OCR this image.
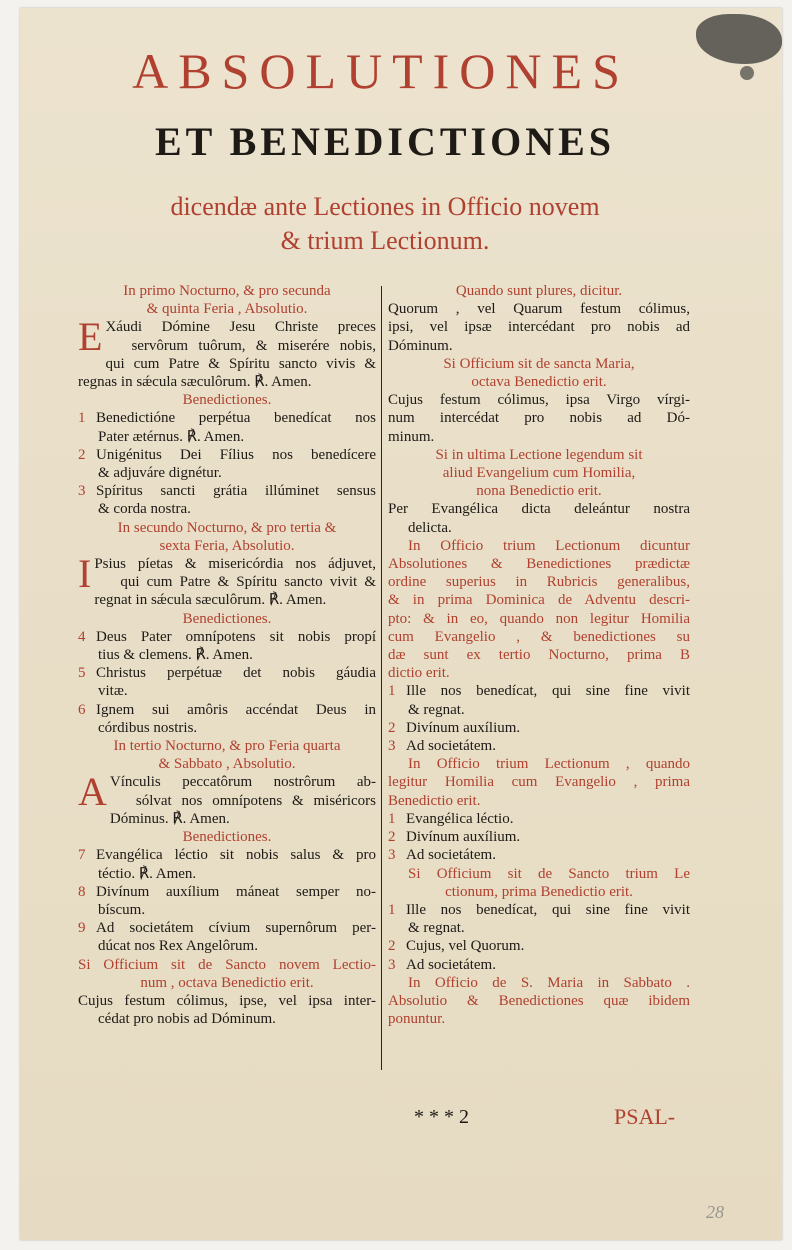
ABSOLUTIONES
ET BENEDICTIONES
dicendæ ante Lectiones in Officio novem
& trium Lectionum.
In primo Nocturno, & pro secunda
& quinta Feria , Absolutio.
E Xáudi Dómine Jesu Christe preces
servôrum tuôrum, & miserére nobis,
qui cum Patre & Spíritu sancto vivis &
regnas in sǽcula sæculôrum. ℟. Amen.
Benedictiones.
1 Benedictióne perpétua benedícat nos
Pater ætérnus. ℟. Amen.
2 Unigénitus Dei Fílius nos benedícere
& adjuváre dignétur.
3 Spíritus sancti grátia illúminet sensus
& corda nostra.
In secundo Nocturno, & pro tertia &
sexta Feria, Absolutio.
I Psius píetas & misericórdia nos ádjuvet,
qui cum Patre & Spíritu sancto vivit &
regnat in sǽcula sæculôrum. ℟. Amen.
Benedictiones.
4 Deus Pater omnípotens sit nobis propí
tius & clemens. ℟. Amen.
5 Christus perpétuæ det nobis gáudia
vitæ.
6 Ignem sui amôris accéndat Deus in
córdibus nostris.
In tertio Nocturno, & pro Feria quarta
& Sabbato , Absolutio.
A Vínculis peccatôrum nostrôrum ab-
sólvat nos omnípotens & miséricors
Dóminus. ℟. Amen.
Benedictiones.
7 Evangélica léctio sit nobis salus & pro
téctio. ℟. Amen.
8 Divínum auxílium máneat semper no-
bíscum.
9 Ad societátem cívium supernôrum per-
dúcat nos Rex Angelôrum.
Si Officium sit de Sancto novem Lectio-
num , octava Benedictio erit.
Cujus festum cólimus, ipse, vel ipsa inter-
cédat pro nobis ad Dóminum.
Quando sunt plures, dicitur.
Quorum , vel Quarum festum cólimus,
ipsi, vel ipsæ intercédant pro nobis ad
Dóminum.
Si Officium sit de sancta Maria,
octava Benedictio erit.
Cujus festum cólimus, ipsa Virgo vírgi-
num intercédat pro nobis ad Dó-
minum.
Si in ultima Lectione legendum sit
aliud Evangelium cum Homilia,
nona Benedictio erit.
Per Evangélica dicta deleántur nostra
delicta.
In Officio trium Lectionum dicuntur
Absolutiones & Benedictiones prædictæ
ordine superius in Rubricis generalibus,
& in prima Dominica de Adventu descri-
pto: & in eo, quando non legitur Homilia
cum Evangelio , & benedictiones su
dæ sunt ex tertio Nocturno, prima B
dictio erit.
1 Ille nos benedícat, qui sine fine vivit
& regnat.
2 Divínum auxílium.
3 Ad societátem.
In Officio trium Lectionum , quando
legitur Homilia cum Evangelio , prima
Benedictio erit.
1 Evangélica léctio.
2 Divínum auxílium.
3 Ad societátem.
Si Officium sit de Sancto trium Le
ctionum, prima Benedictio erit.
1 Ille nos benedícat, qui sine fine vivit
& regnat.
2 Cujus, vel Quorum.
3 Ad societátem.
In Officio de S. Maria in Sabbato .
Absolutio & Benedictiones quæ ibidem
ponuntur.
* * * 2	PSAL-
28
